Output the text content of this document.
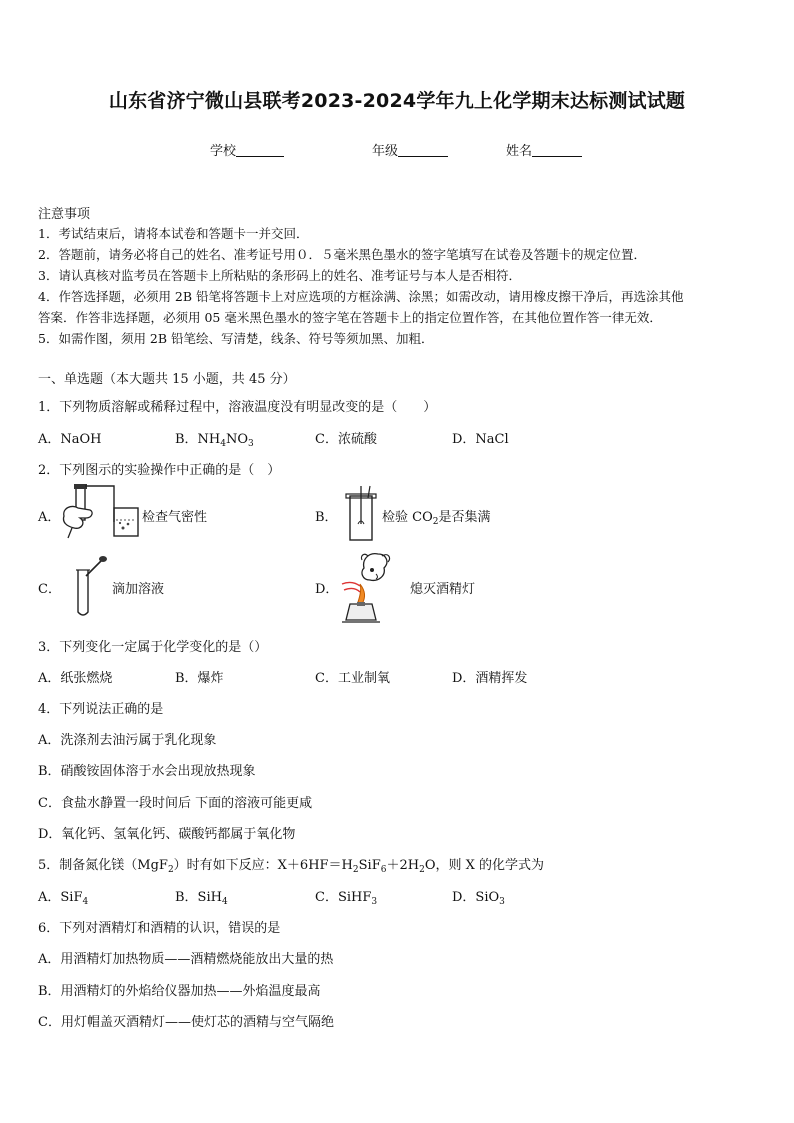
山东省济宁微山县联考2023-2024学年九上化学期末达标测试试题
学校	年级	姓名
注意事项
1．考试结束后，请将本试卷和答题卡一并交回．
2．答题前，请务必将自己的姓名、准考证号用０．５毫米黑色墨水的签字笔填写在试卷及答题卡的规定位置．
3．请认真核对监考员在答题卡上所粘贴的条形码上的姓名、准考证号与本人是否相符．
4．作答选择题，必须用 2B 铅笔将答题卡上对应选项的方框涂满、涂黑；如需改动，请用橡皮擦干净后，再选涂其他
答案．作答非选择题，必须用 05 毫米黑色墨水的签字笔在答题卡上的指定位置作答，在其他位置作答一律无效．
5．如需作图，须用 2B 铅笔绘、写清楚，线条、符号等须加黑、加粗．
一、单选题（本大题共 15 小题，共 45 分）
1．下列物质溶解或稀释过程中，溶液温度没有明显改变的是（　　）
A．NaOH	B．$NH_4NO_3$	C．浓硫酸	D．NaCl
2．下列图示的实验操作中正确的是（　）
A．	检查气密性	B．	检验 $CO_2$是否集满
C．	滴加溶液	D．	熄灭酒精灯
3．下列变化一定属于化学变化的是（）
A．纸张燃烧	B．爆炸	C．工业制氧	D．酒精挥发
4．下列说法正确的是
A．洗涤剂去油污属于乳化现象
B．硝酸铵固体溶于水会出现放热现象
C．食盐水静置一段时间后 下面的溶液可能更咸
D．氧化钙、氢氧化钙、碳酸钙都属于氧化物
5．制备氮化镁（MgF$_2$）时有如下反应：$X+6HF=H_2SiF_6+2H_2O$，则 X 的化学式为
A．SiF$_4$	B．SiH$_4$	C．SiHF$_3$	D．SiO$_3$
6．下列对酒精灯和酒精的认识，错误的是
A．用酒精灯加热物质——酒精燃烧能放出大量的热
B．用酒精灯的外焰给仪器加热——外焰温度最高
C．用灯帽盖灭酒精灯——使灯芯的酒精与空气隔绝
